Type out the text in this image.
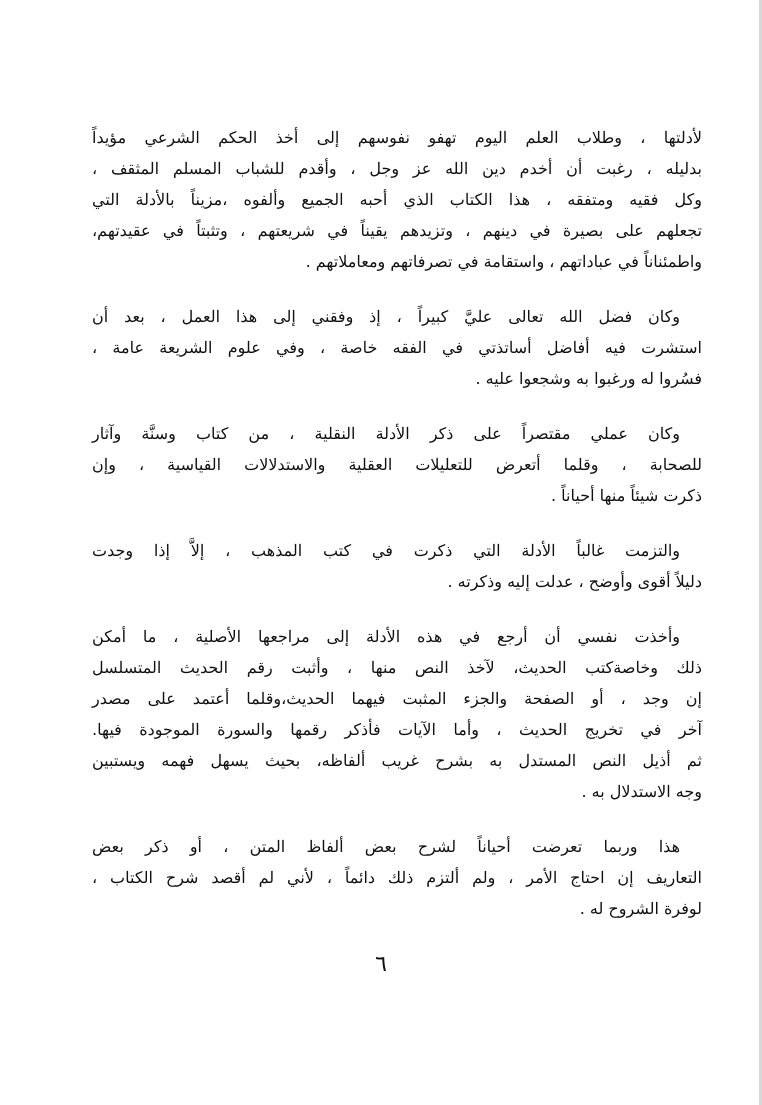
لأدلتها ، وطلاب العلم اليوم تهفو نفوسهم إلى أخذ الحكم الشرعي مؤيداً
بدليله ، رغبت أن أخدم دين الله عز وجل ، وأقدم للشباب المسلم المثقف ،
وكل فقيه ومتفقه ، هذا الكتاب الذي أحبه الجميع وألفوه ،مزيناً بالأدلة التي
تجعلهم على بصيرة في دينهم ، وتزيدهم يقيناً في شريعتهم ، وتثبتاً في عقيدتهم،
واطمئناناً في عباداتهم ، واستقامة في تصرفاتهم ومعاملاتهم .

وكان فضل الله تعالى عليَّ كبيراً ، إذ وفقني إلى هذا العمل ، بعد أن
استشرت فيه أفاضل أساتذتي في الفقه خاصة ، وفي علوم الشريعة عامة ،
فسُروا له ورغبوا به وشجعوا عليه .

وكان عملي مقتصراً على ذكر الأدلة النقلية ، من كتاب وسنَّة وآثار
للصحابة ، وقلما أتعرض للتعليلات العقلية والاستدلالات القياسية ، وإن
ذكرت شيئاً منها أحياناً .

والتزمت غالباً الأدلة التي ذكرت في كتب المذهب ، إلاَّ إذا وجدت
دليلاً أقوى وأوضح ، عدلت إليه وذكرته .

وأخذت نفسي أن أرجع في هذه الأدلة إلى مراجعها الأصلية ، ما أمكن
ذلك وخاصةكتب الحديث، لآخذ النص منها ، وأثبت رقم الحديث المتسلسل
إن وجد ، أو الصفحة والجزء المثبت فيهما الحديث،وقلما أعتمد على مصدر
آخر في تخريج الحديث ، وأما الآيات فأذكر رقمها والسورة الموجودة فيها.
ثم أذيل النص المستدل به بشرح غريب ألفاظه، بحيث يسهل فهمه ويستبين
وجه الاستدلال به .

هذا وربما تعرضت أحياناً لشرح بعض ألفاظ المتن ، أو ذكر بعض
التعاريف إن احتاج الأمر ، ولم ألتزم ذلك دائماً ، لأني لم أقصد شرح الكتاب ،
لوفرة الشروح له .

٦
